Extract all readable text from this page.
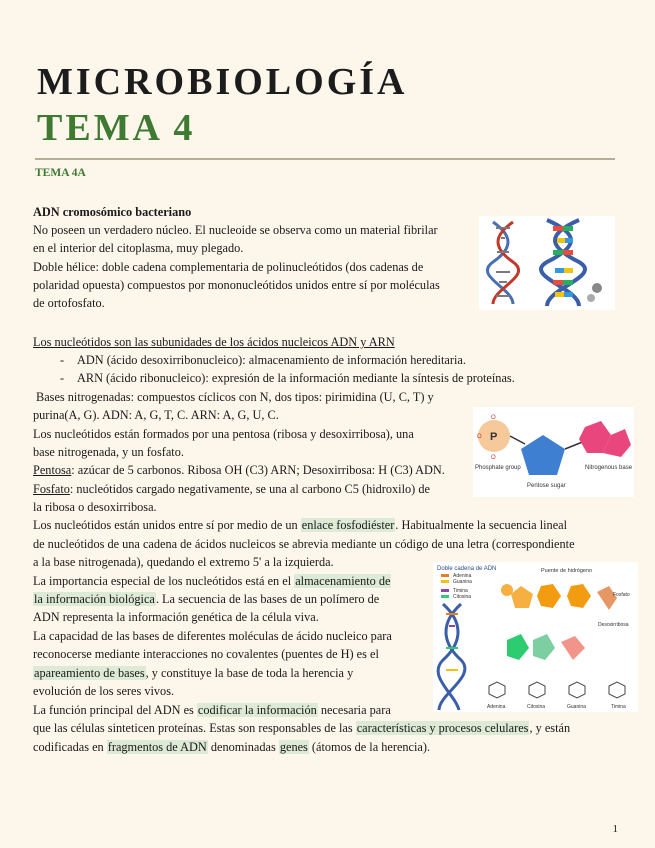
MICROBIOLOGÍA
TEMA 4
TEMA 4A
ADN cromosómico bacteriano
No poseen un verdadero núcleo. El nucleoide se observa como un material fibrilar
en el interior del citoplasma, muy plegado.
Doble hélice: doble cadena complementaria de polinucleótidos (dos cadenas de
polaridad opuesta) compuestos por mononucleótidos unidos entre sí por moléculas
de ortofosfato.
Los nucleótidos son las subunidades de los ácidos nucleicos ADN y ARN
- ADN (ácido desoxirribonucleico): almacenamiento de información hereditaria.
- ARN (ácido ribonucleico): expresión de la información mediante la síntesis de proteínas.
Bases nitrogenadas: compuestos cíclicos con N, dos tipos: pirimidina (U, C, T) y
purina(A, G). ADN: A, G, T, C. ARN: A, G, U, C.
Los nucleótidos están formados por una pentosa (ribosa y desoxirribosa), una
base nitrogenada, y un fosfato.
Pentosa: azúcar de 5 carbonos. Ribosa OH (C3) ARN; Desoxirribosa: H (C3) ADN.
Fosfato: nucleótidos cargado negativamente, se una al carbono C5 (hidroxilo) de
la ribosa o desoxirribosa.
P
O
O
O
Phosphate group
Pentose sugar
Nitrogenous base
Los nucleótidos están unidos entre sí por medio de un enlace fosfodiéster. Habitualmente la secuencia lineal
de nucleótidos de una cadena de ácidos nucleicos se abrevia mediante un código de una letra (correspondiente
a la base nitrogenada), quedando el extremo 5' a la izquierda.	Doble cadena de ADN
Adenina
Guanina
Timina
Citosina
Puente de hidrógeno
Fosfato
Desoxirribosa
Adenina	Citosina	Guanina	Timina
La importancia especial de los nucleótidos está en el almacenamiento de
la información biológica. La secuencia de las bases de un polímero de
ADN representa la información genética de la célula viva.
La capacidad de las bases de diferentes moléculas de ácido nucleico para
reconocerse mediante interacciones no covalentes (puentes de H) es el
apareamiento de bases, y constituye la base de toda la herencia y
evolución de los seres vivos.
La función principal del ADN es codificar la información necesaria para
que las células sinteticen proteínas. Estas son responsables de las características y procesos celulares, y están
codificadas en fragmentos de ADN denominadas genes (átomos de la herencia).
1
